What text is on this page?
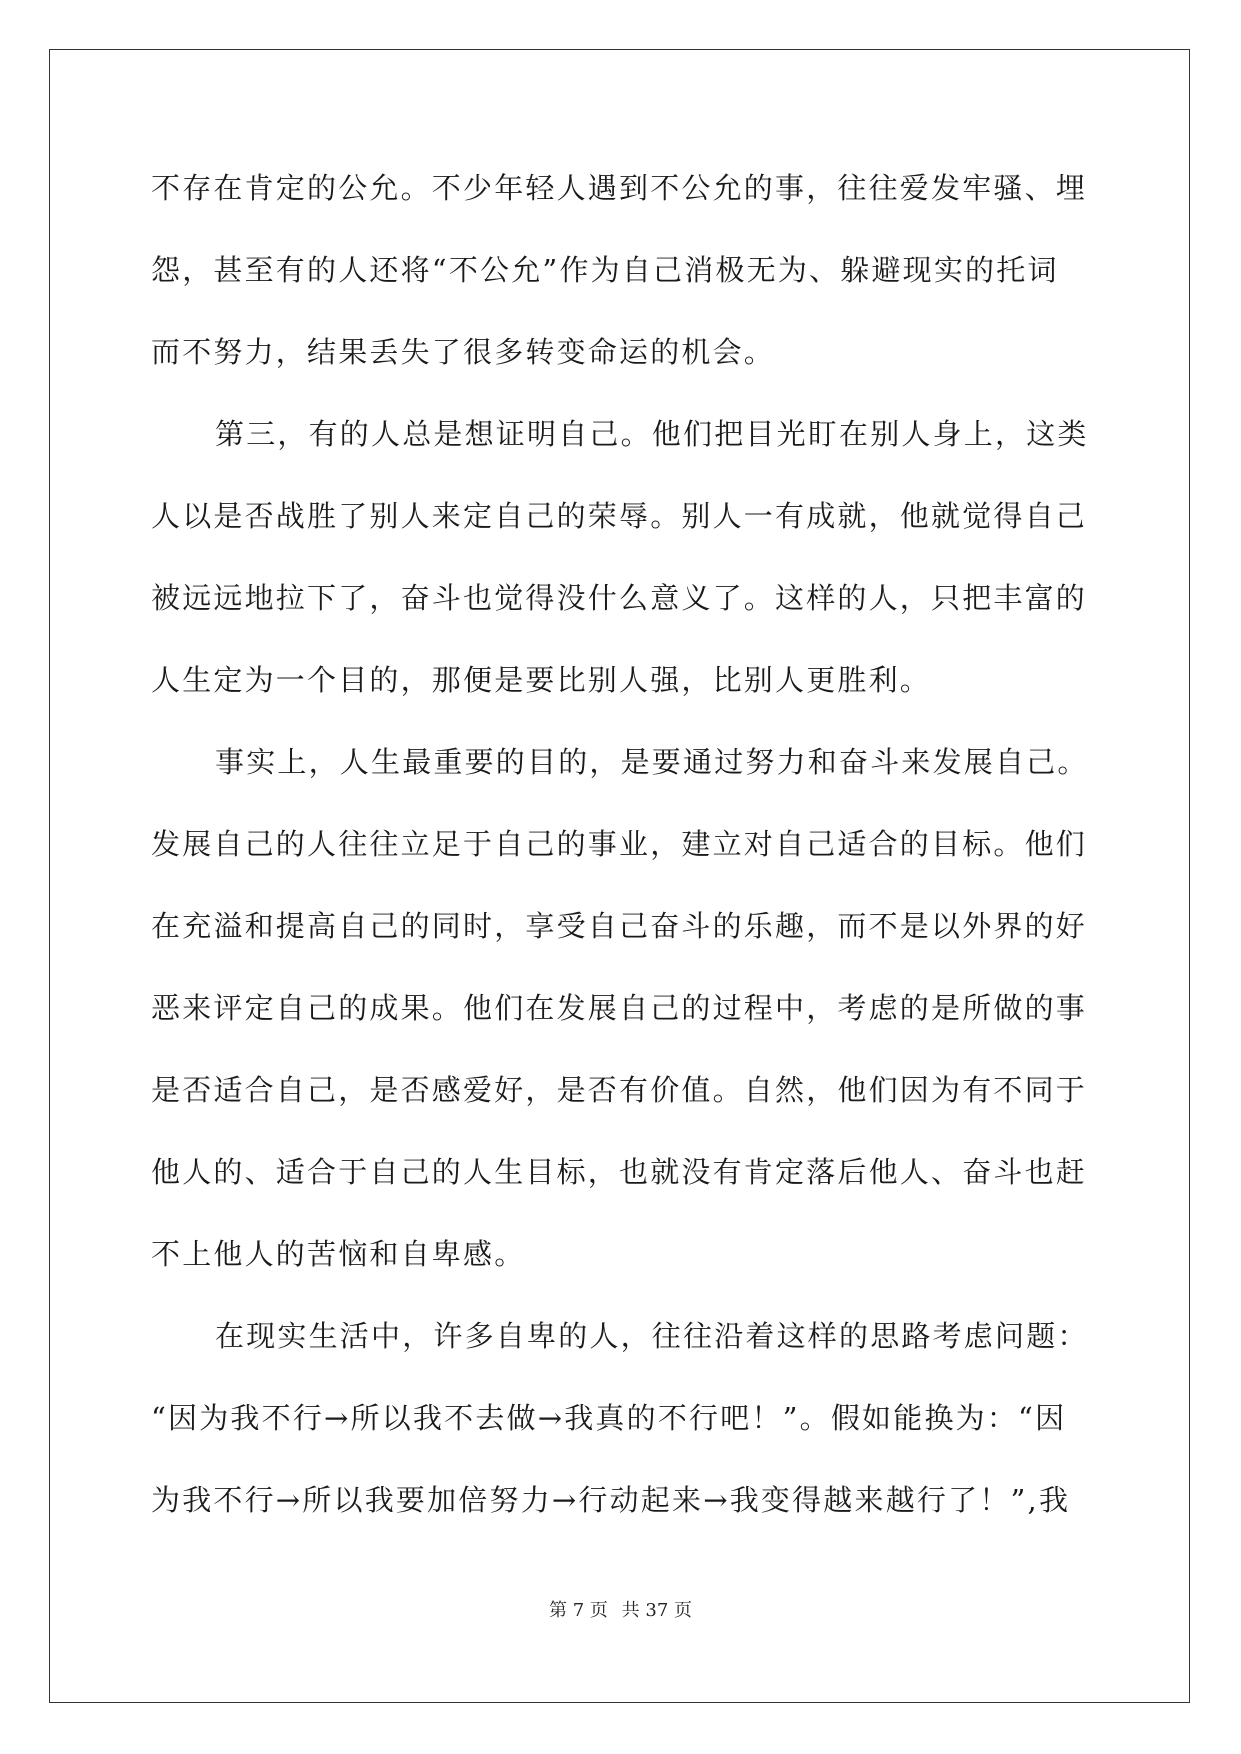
不存在肯定的公允。不少年轻人遇到不公允的事，往往爱发牢骚、埋
怨，甚至有的人还将“不公允”作为自己消极无为、躲避现实的托词
而不努力，结果丢失了很多转变命运的机会。
第三，有的人总是想证明自己。他们把目光盯在别人身上，这类
人以是否战胜了别人来定自己的荣辱。别人一有成就，他就觉得自己
被远远地拉下了，奋斗也觉得没什么意义了。这样的人，只把丰富的
人生定为一个目的，那便是要比别人强，比别人更胜利。
事实上，人生最重要的目的，是要通过努力和奋斗来发展自己。
发展自己的人往往立足于自己的事业，建立对自己适合的目标。他们
在充溢和提高自己的同时，享受自己奋斗的乐趣，而不是以外界的好
恶来评定自己的成果。他们在发展自己的过程中，考虑的是所做的事
是否适合自己，是否感爱好，是否有价值。自然，他们因为有不同于
他人的、适合于自己的人生目标，也就没有肯定落后他人、奋斗也赶
不上他人的苦恼和自卑感。
在现实生活中，许多自卑的人，往往沿着这样的思路考虑问题：
“因为我不行→所以我不去做→我真的不行吧！”。假如能换为：“因
为我不行→所以我要加倍努力→行动起来→我变得越来越行了！”,我
第 7 页 共 37 页
